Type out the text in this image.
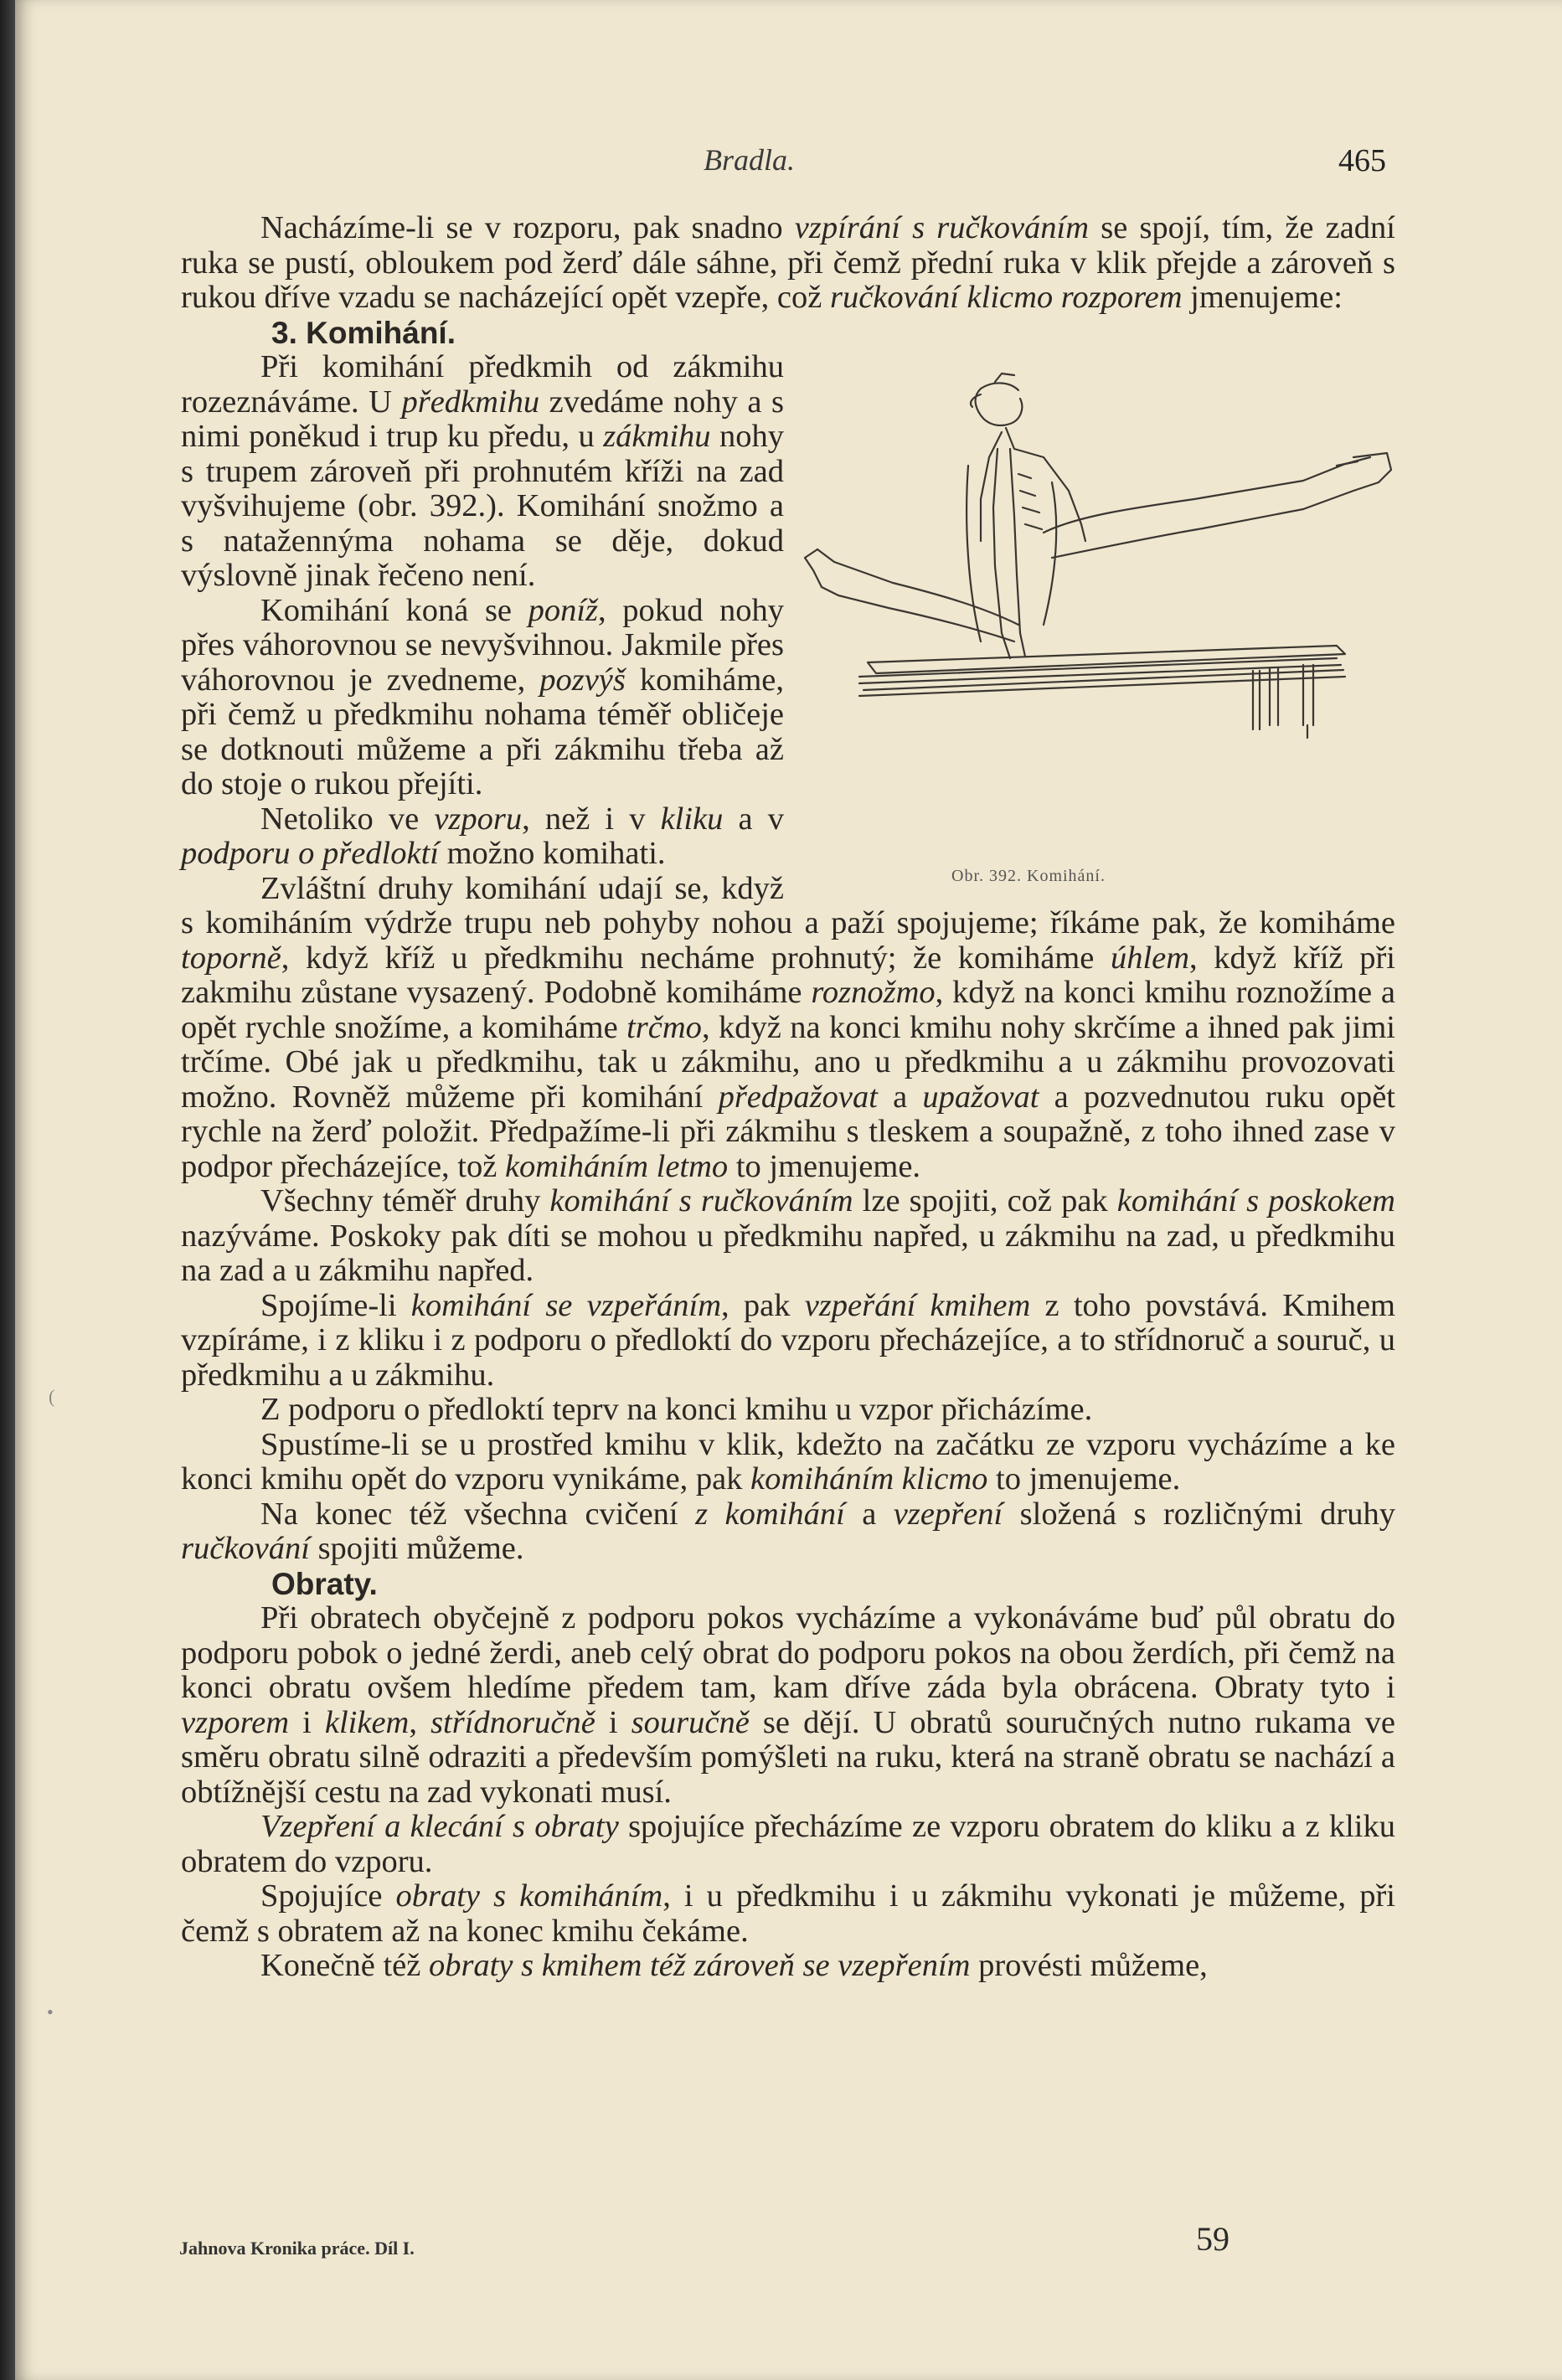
Bradla.	465

Nacházíme-li se v rozporu, pak snadno vzpírání s ručkováním se spojí, tím, že zadní ruka se pustí, obloukem pod žerď dále sáhne, při čemž přední ruka v klik přejde a zároveň s rukou dříve vzadu se nacházející opět vzepře, což ručkování klicmo rozporem jmenujeme:

3. Komihání.
Obr. 392. Komihání.

Při komihání předkmih od zákmihu rozeznáváme. U předkmihu zvedáme nohy a s nimi poněkud i trup ku předu, u zákmihu nohy s trupem zároveň při prohnutém kříži na zad vyšvihujeme (obr. 392.). Komihání snožmo a s natažennýma nohama se děje, dokud výslovně jinak řečeno není.

Komihání koná se poníž, pokud nohy přes váhorovnou se nevyšvihnou. Jakmile přes váhorovnou je zvedneme, pozvýš komiháme, při čemž u předkmihu nohama téměř obličeje se dotknouti můžeme a při zákmihu třeba až do stoje o rukou přejíti.

Netoliko ve vzporu, než i v kliku a v podporu o předloktí možno komihati.

Zvláštní druhy komihání udají se, když s komiháním výdrže trupu neb pohyby nohou a paží spojujeme; říkáme pak, že komiháme toporně, když kříž u předkmihu necháme prohnutý; že komiháme úhlem, když kříž při zakmihu zůstane vysazený. Podobně komiháme roznožmo, když na konci kmihu roznožíme a opět rychle snožíme, a komiháme trčmo, když na konci kmihu nohy skrčíme a ihned pak jimi trčíme. Obé jak u předkmihu, tak u zákmihu, ano u předkmihu a u zákmihu provozovati možno. Rovněž můžeme při komihání předpažovat a upažovat a pozvednutou ruku opět rychle na žerď položit. Předpažíme-li při zákmihu s tleskem a soupažně, z toho ihned zase v podpor přecházejíce, tož komiháním letmo to jmenujeme.

Všechny téměř druhy komihání s ručkováním lze spojiti, což pak komihání s poskokem nazýváme. Poskoky pak díti se mohou u předkmihu napřed, u zákmihu na zad, u předkmihu na zad a u zákmihu napřed.

Spojíme-li komihání se vzpeřáním, pak vzpeřání kmihem z toho povstává. Kmihem vzpíráme, i z kliku i z podporu o předloktí do vzporu přecházejíce, a to střídnoruč a souruč, u předkmihu a u zákmihu.

Z podporu o předloktí teprv na konci kmihu u vzpor přicházíme.

Spustíme-li se u prostřed kmihu v klik, kdežto na začátku ze vzporu vycházíme a ke konci kmihu opět do vzporu vynikáme, pak komiháním klicmo to jmenujeme.

Na konec též všechna cvičení z komihání a vzepření složená s rozličnými druhy ručkování spojiti můžeme.

Obraty.

Při obratech obyčejně z podporu pokos vycházíme a vykonáváme buď půl obratu do podporu pobok o jedné žerdi, aneb celý obrat do podporu pokos na obou žerdích, při čemž na konci obratu ovšem hledíme předem tam, kam dříve záda byla obrácena. Obraty tyto i vzporem i klikem, střídnoručně i souručně se dějí. U obratů souručných nutno rukama ve směru obratu silně odraziti a především pomýšleti na ruku, která na straně obratu se nachází a obtížnější cestu na zad vykonati musí.

Vzepření a klecání s obraty spojujíce přecházíme ze vzporu obratem do kliku a z kliku obratem do vzporu.

Spojujíce obraty s komiháním, i u předkmihu i u zákmihu vykonati je můžeme, při čemž s obratem až na konec kmihu čekáme.

Konečně též obraty s kmihem též zároveň se vzepřením provésti můžeme,

(
•
Jahnova Kronika práce. Díl I.	59
